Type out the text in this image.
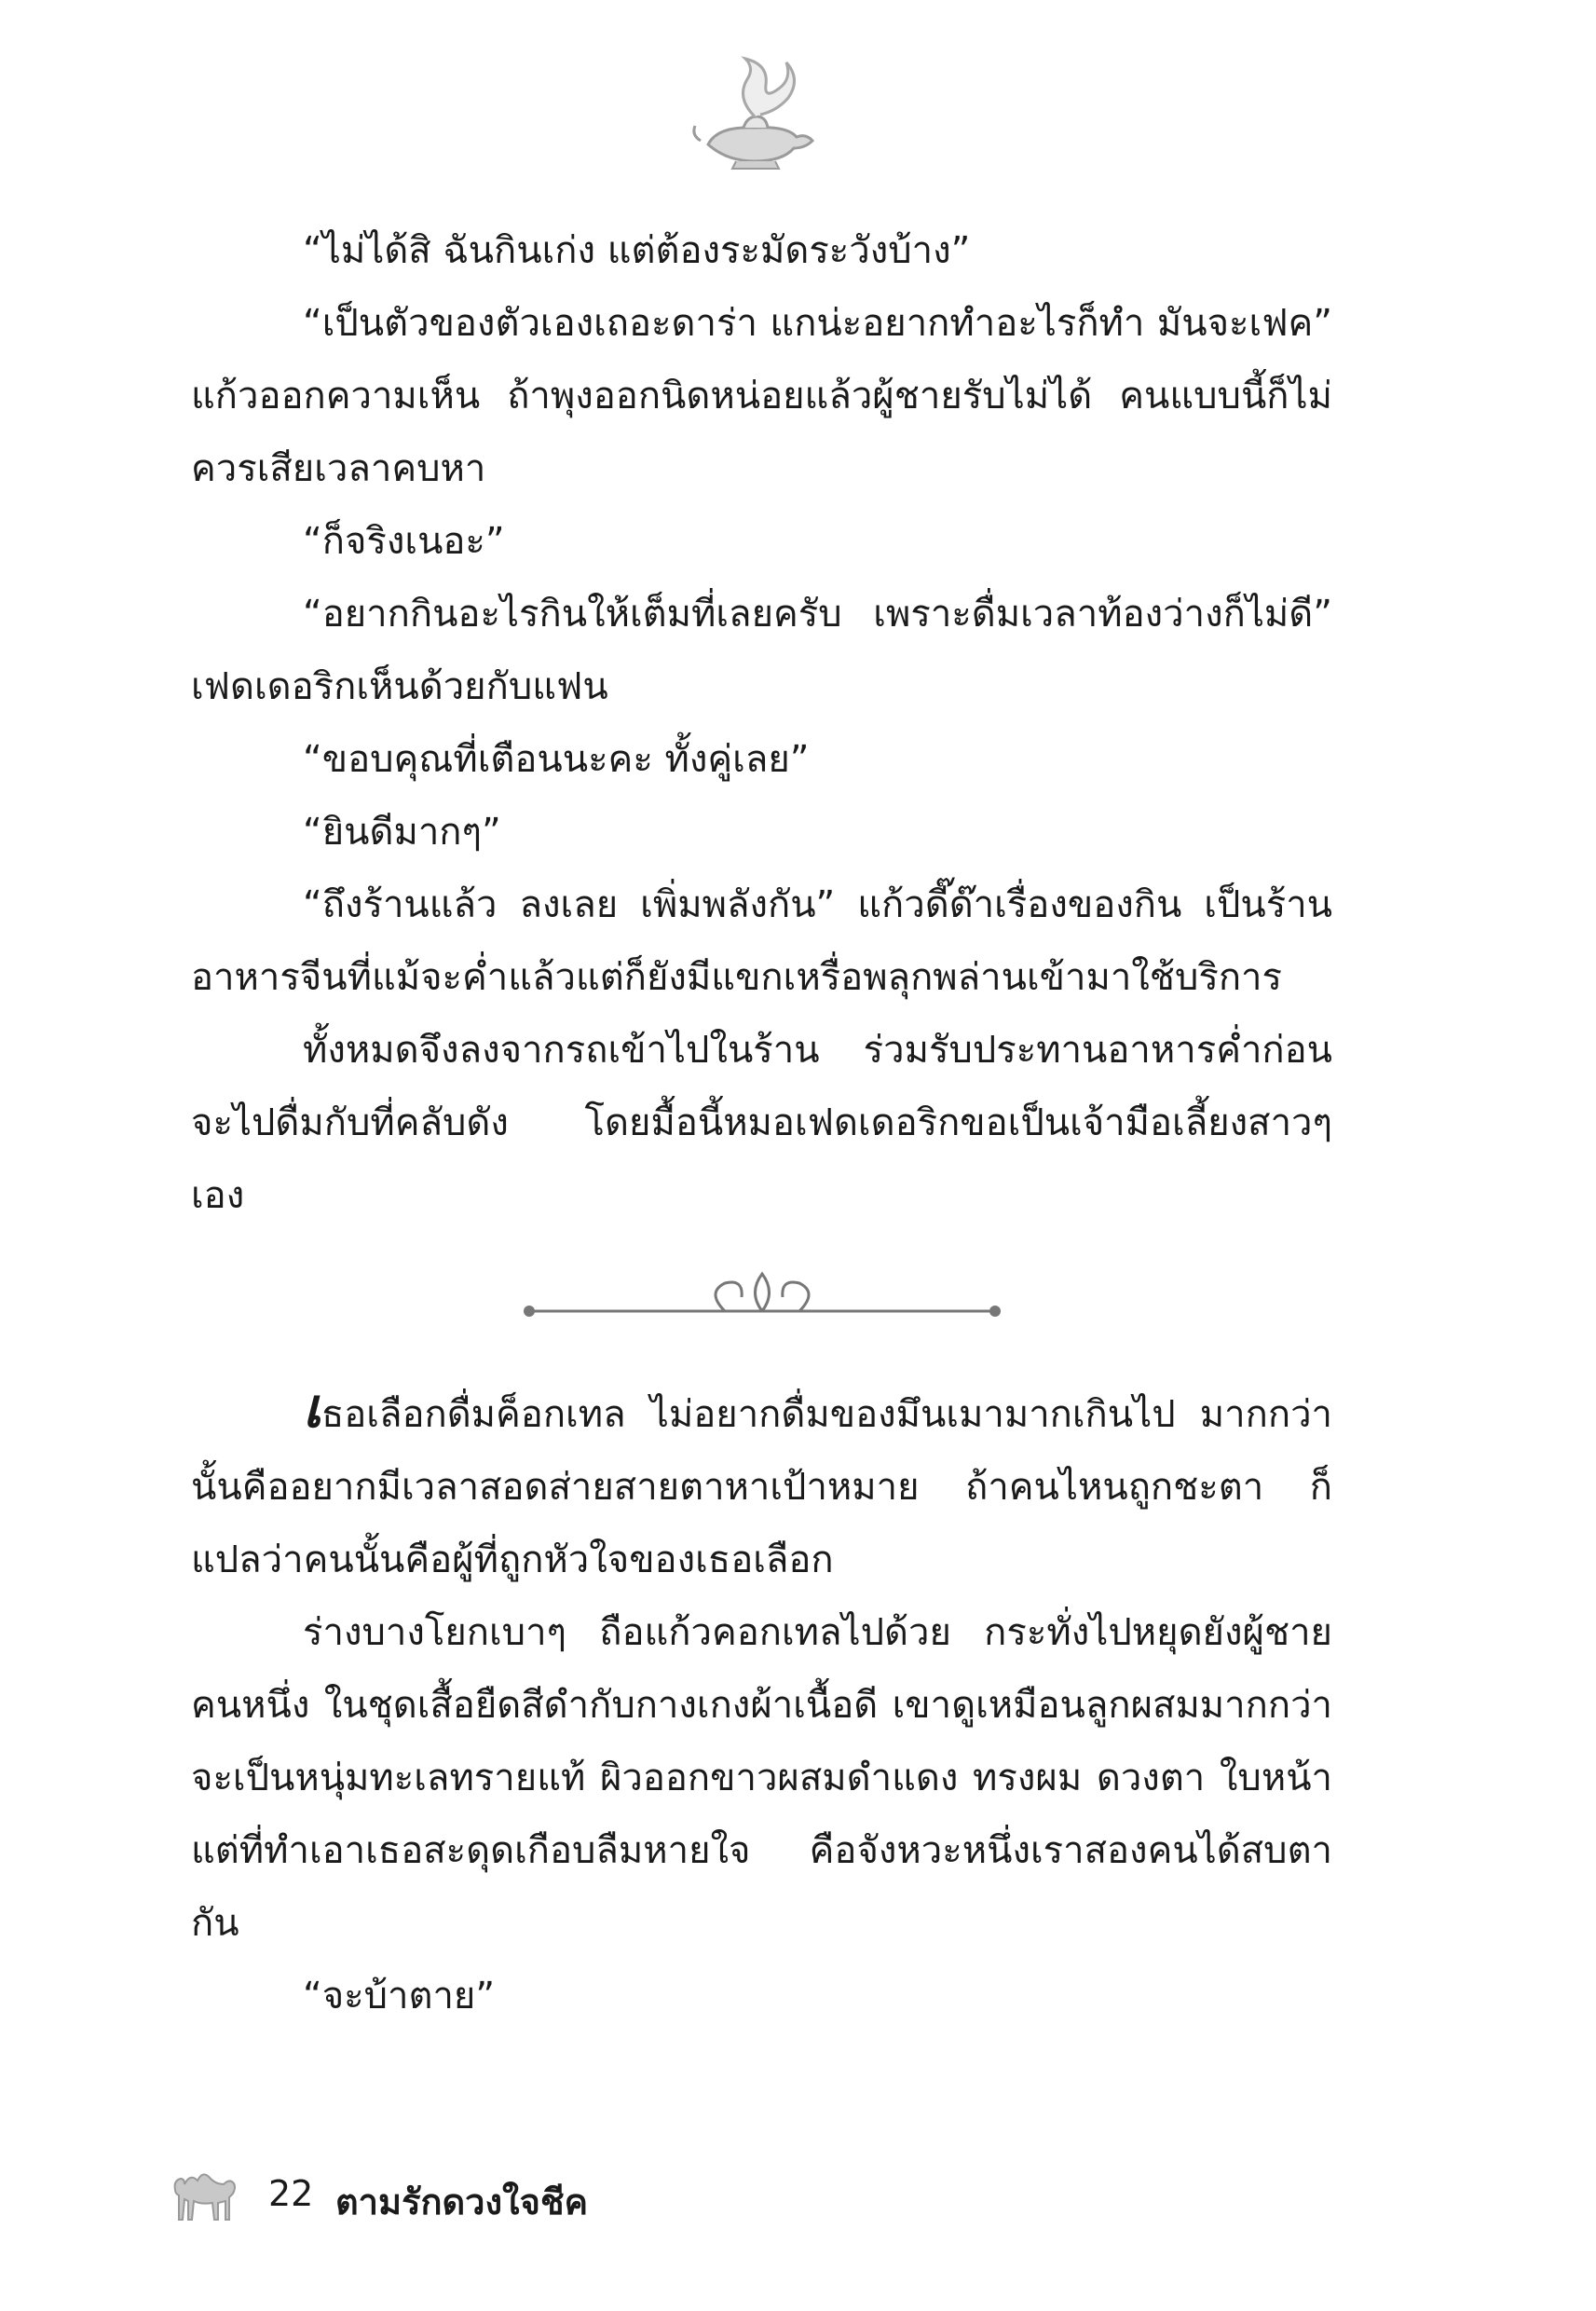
“ไม่ได้สิ ฉันกินเก่ง แต่ต้องระมัดระวังบ้าง”

“เป็นตัวของตัวเองเถอะดาร่า แกน่ะอยากทำอะไรก็ทำ มันจะเฟค” แก้วออกความเห็น ถ้าพุงออกนิดหน่อยแล้วผู้ชายรับไม่ได้ คนแบบนี้ก็ไม่ควรเสียเวลาคบหา

“ก็จริงเนอะ”

“อยากกินอะไรกินให้เต็มที่เลยครับ เพราะดื่มเวลาท้องว่างก็ไม่ดี” เฟดเดอริกเห็นด้วยกับแฟน

“ขอบคุณที่เตือนนะคะ ทั้งคู่เลย”

“ยินดีมากๆ”

“ถึงร้านแล้ว ลงเลย เพิ่มพลังกัน” แก้วดี๊ด๊าเรื่องของกิน เป็นร้านอาหารจีนที่แม้จะค่ำแล้วแต่ก็ยังมีแขกเหรื่อพลุกพล่านเข้ามาใช้บริการ

ทั้งหมดจึงลงจากรถเข้าไปในร้าน ร่วมรับประทานอาหารค่ำก่อนจะไปดื่มกับที่คลับดัง โดยมื้อนี้หมอเฟดเดอริกขอเป็นเจ้ามือเลี้ยงสาวๆ เอง

เธอเลือกดื่มค็อกเทล ไม่อยากดื่มของมึนเมามากเกินไป มากกว่านั้นคืออยากมีเวลาสอดส่ายสายตาหาเป้าหมาย ถ้าคนไหนถูกชะตา ก็แปลว่าคนนั้นคือผู้ที่ถูกหัวใจของเธอเลือก

ร่างบางโยกเบาๆ ถือแก้วคอกเทลไปด้วย กระทั่งไปหยุดยังผู้ชายคนหนึ่ง ในชุดเสื้อยืดสีดำกับกางเกงผ้าเนื้อดี เขาดูเหมือนลูกผสมมากกว่าจะเป็นหนุ่มทะเลทรายแท้ ผิวออกขาวผสมดำแดง ทรงผม ดวงตา ใบหน้า แต่ที่ทำเอาเธอสะดุดเกือบลืมหายใจ คือจังหวะหนึ่งเราสองคนได้สบตากัน

“จะบ้าตาย”

22 ตามรักดวงใจชีค
